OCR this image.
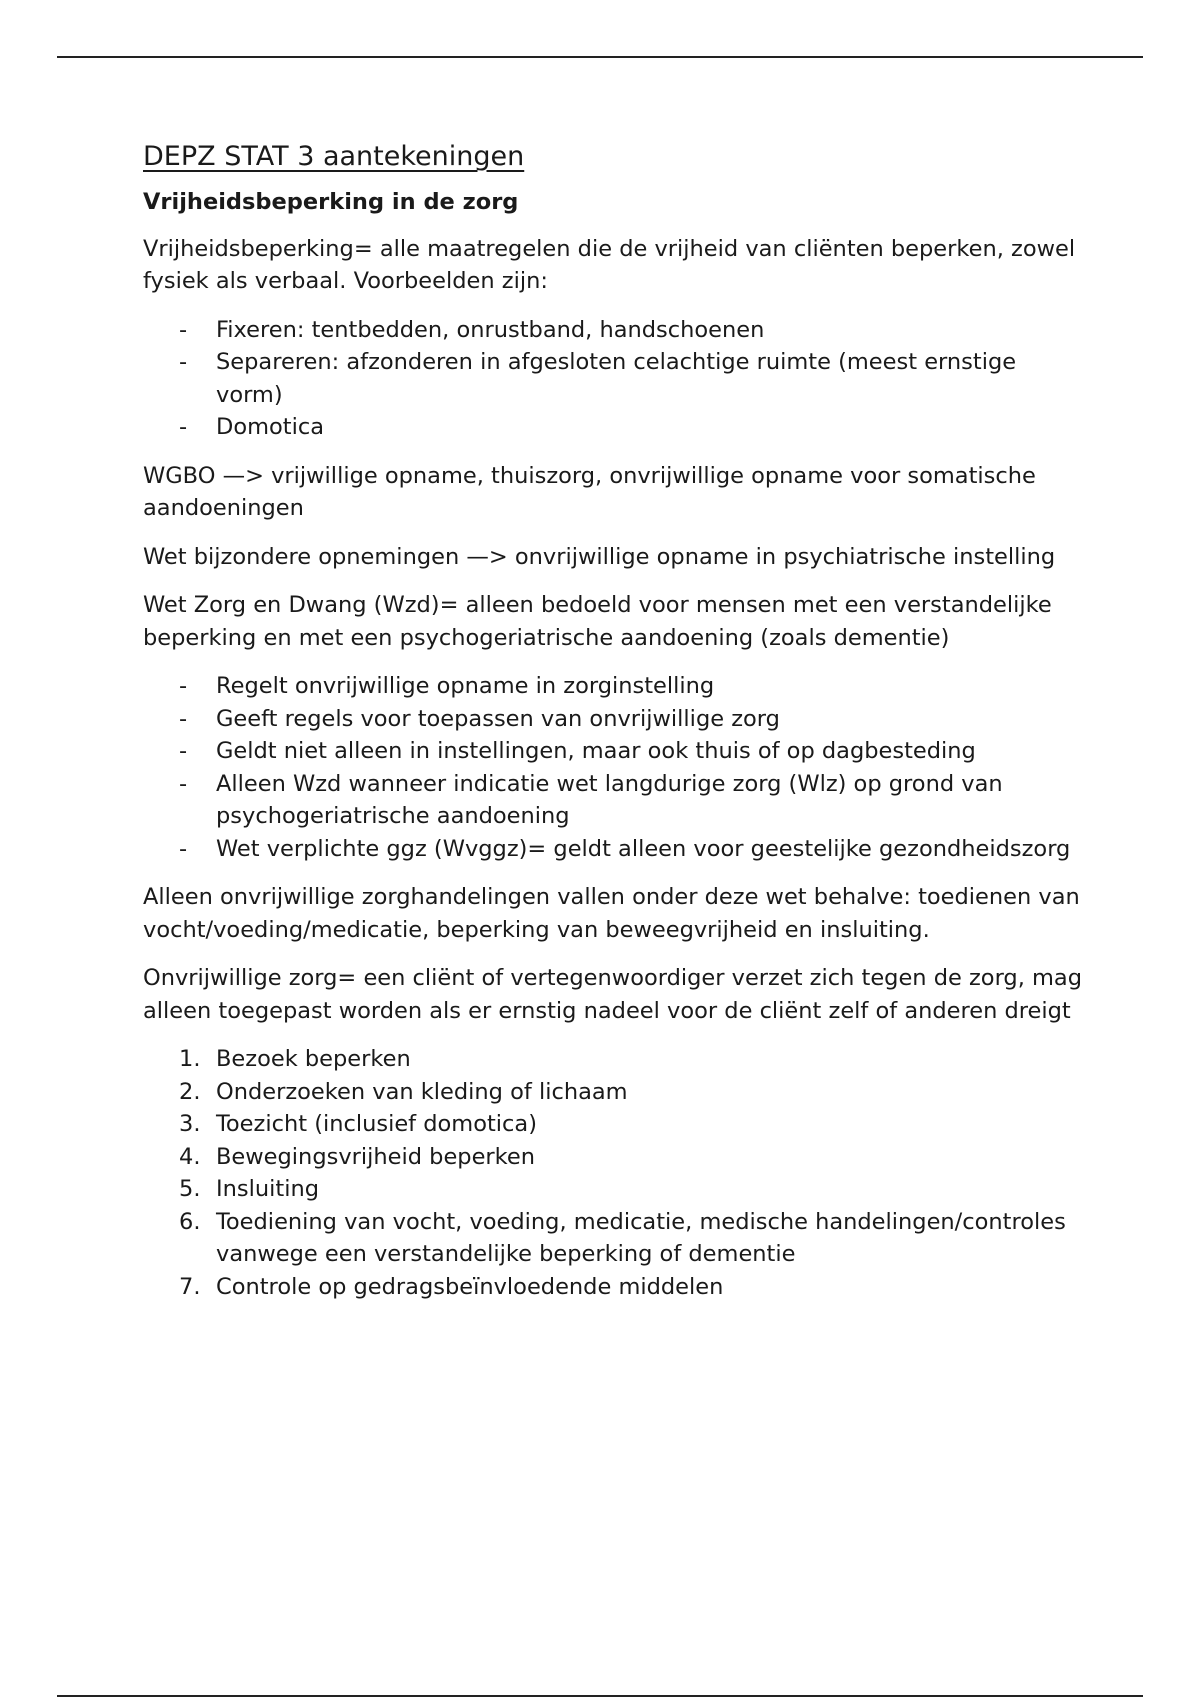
DEPZ STAT 3 aantekeningen
Vrijheidsbeperking in de zorg

Vrijheidsbeperking= alle maatregelen die de vrijheid van cliënten beperken, zowel fysiek als verbaal. Voorbeelden zijn:

- Fixeren: tentbedden, onrustband, handschoenen
- Separeren: afzonderen in afgesloten celachtige ruimte (meest ernstige vorm)
- Domotica

WGBO —> vrijwillige opname, thuiszorg, onvrijwillige opname voor somatische aandoeningen

Wet bijzondere opnemingen —> onvrijwillige opname in psychiatrische instelling

Wet Zorg en Dwang (Wzd)= alleen bedoeld voor mensen met een verstandelijke beperking en met een psychogeriatrische aandoening (zoals dementie)

- Regelt onvrijwillige opname in zorginstelling
- Geeft regels voor toepassen van onvrijwillige zorg
- Geldt niet alleen in instellingen, maar ook thuis of op dagbesteding
- Alleen Wzd wanneer indicatie wet langdurige zorg (Wlz) op grond van psychogeriatrische aandoening
- Wet verplichte ggz (Wvggz)= geldt alleen voor geestelijke gezondheidszorg

Alleen onvrijwillige zorghandelingen vallen onder deze wet behalve: toedienen van vocht/voeding/medicatie, beperking van beweegvrijheid en insluiting.

Onvrijwillige zorg= een cliënt of vertegenwoordiger verzet zich tegen de zorg, mag alleen toegepast worden als er ernstig nadeel voor de cliënt zelf of anderen dreigt

1. Bezoek beperken
2. Onderzoeken van kleding of lichaam
3. Toezicht (inclusief domotica)
4. Bewegingsvrijheid beperken
5. Insluiting
6. Toediening van vocht, voeding, medicatie, medische handelingen/controles vanwege een verstandelijke beperking of dementie
7. Controle op gedragsbeïnvloedende middelen
